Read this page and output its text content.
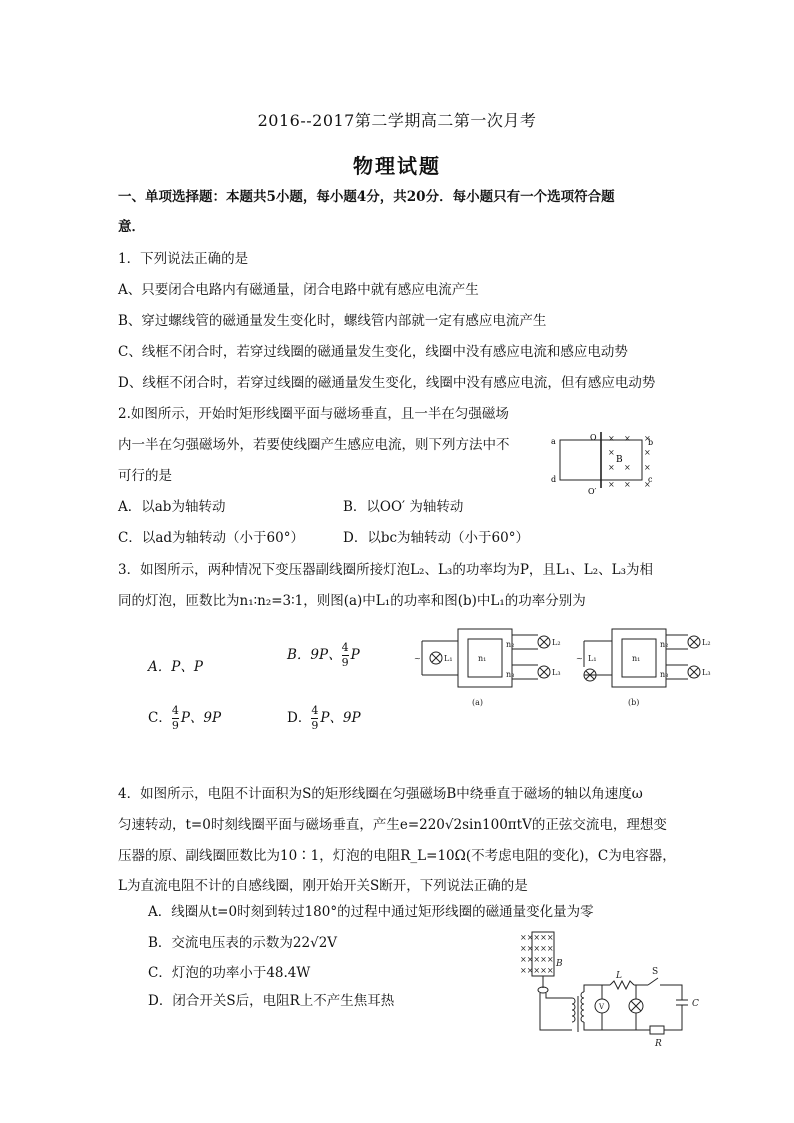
2016--2017第二学期高二第一次月考
物理试题
一、单项选择题：本题共5小题，每小题4分，共20分．每小题只有一个选项符合题
意．
1．下列说法正确的是
A、只要闭合电路内有磁通量，闭合电路中就有感应电流产生
B、穿过螺线管的磁通量发生变化时，螺线管内部就一定有感应电流产生
C、线框不闭合时，若穿过线圈的磁通量发生变化，线圈中没有感应电流和感应电动势
D、线框不闭合时，若穿过线圈的磁通量发生变化，线圈中没有感应电流，但有感应电动势
2.如图所示，开始时矩形线圈平面与磁场垂直，且一半在匀强磁场
内一半在匀强磁场外，若要使线圈产生感应电流，则下列方法中不
可行的是
A．以ab为轴转动	B．以OO′ 为轴转动
C．以ad为轴转动（小于60°）	D．以bc为轴转动（小于60°）
× × ×
×	×
× × ×
× × ×
a
d
b
c
O
O′
B
3．如图所示，两种情况下变压器副线圈所接灯泡L₂、L₃的功率均为P，且L₁、L₂、L₃为相
同的灯泡，匝数比为n₁∶n₂=3∶1，则图(a)中L₁的功率和图(b)中L₁的功率分别为
A．P、P
B．9P、 $\frac{4}{9}$ P
C． $\frac{4}{9}$ P、9P	D． $\frac{4}{9}$ P、9P
~	L₁	n₁
n₂
n₃
L₂
L₃
(a)
~ L₁	n₁
n₂
n₃
L₂
L₃
(b)
4．如图所示，电阻不计面积为S的矩形线圈在匀强磁场B中绕垂直于磁场的轴以角速度ω
匀速转动，t=0时刻线圈平面与磁场垂直，产生e=220√2sin100πtV的正弦交流电，理想变
压器的原、副线圈匝数比为10∶1，灯泡的电阻R_L=10Ω(不考虑电阻的变化)，C为电容器，
L为直流电阻不计的自感线圈，刚开始开关S断开，下列说法正确的是
A．线圈从t=0时刻到转过180°的过程中通过矩形线圈的磁通量变化量为零
B．交流电压表的示数为22√2V
C．灯泡的功率小于48.4W
D．闭合开关S后，电阻R上不产生焦耳热
×××××
×××××
×××××
×××××
B
L	S
C
R
V
